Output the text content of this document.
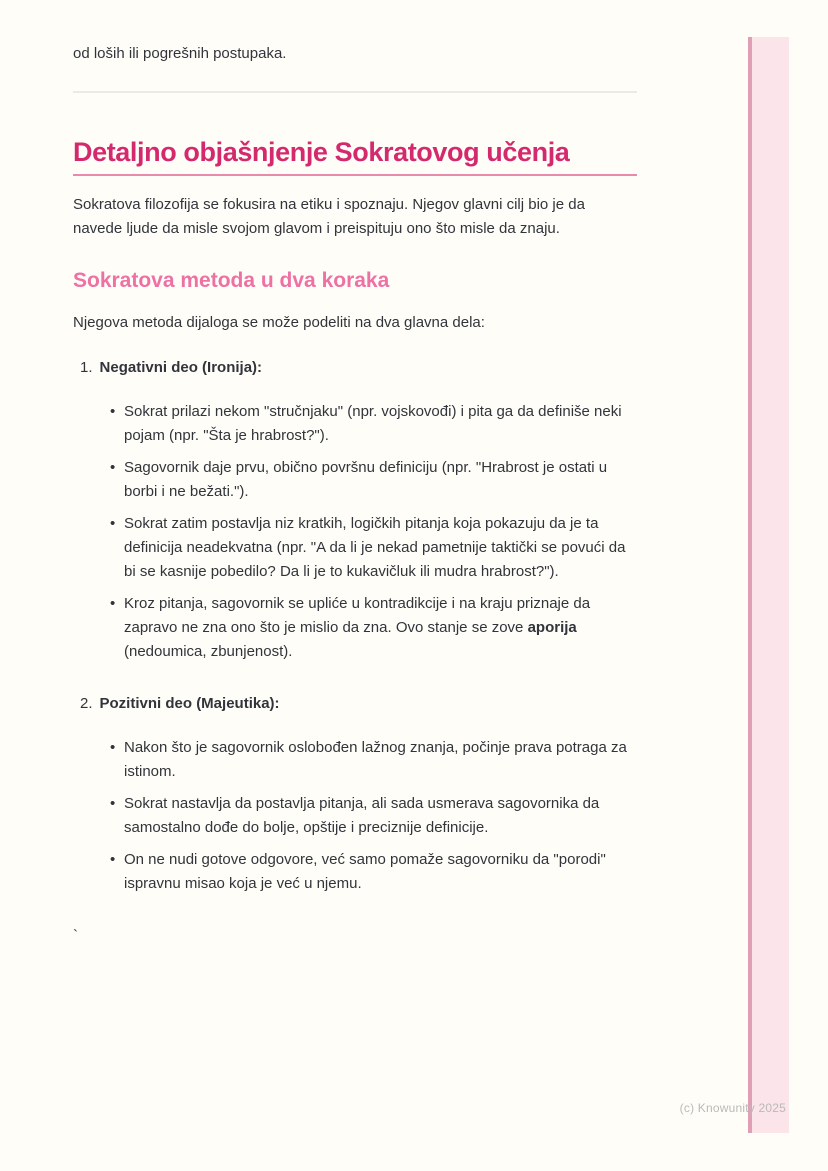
od loših ili pogrešnih postupaka.

Detaljno objašnjenje Sokratovog učenja

Sokratova filozofija se fokusira na etiku i spoznaju. Njegov glavni cilj bio je da navede ljude da misle svojom glavom i preispituju ono što misle da znaju.

Sokratova metoda u dva koraka

Njegova metoda dijaloga se može podeliti na dva glavna dela:

1. Negativni deo (Ironija):
• Sokrat prilazi nekom "stručnjaku" (npr. vojskovođi) i pita ga da definiše neki pojam (npr. "Šta je hrabrost?").
• Sagovornik daje prvu, obično površnu definiciju (npr. "Hrabrost je ostati u borbi i ne bežati.").
• Sokrat zatim postavlja niz kratkih, logičkih pitanja koja pokazuju da je ta definicija neadekvatna (npr. "A da li je nekad pametnije taktički se povući da bi se kasnije pobedilo? Da li je to kukavičluk ili mudra hrabrost?").
• Kroz pitanja, sagovornik se upliće u kontradikcije i na kraju priznaje da zapravo ne zna ono što je mislio da zna. Ovo stanje se zove aporija (nedoumica, zbunjenost).
2. Pozitivni deo (Majeutika):
• Nakon što je sagovornik oslobođen lažnog znanja, počinje prava potraga za istinom.
• Sokrat nastavlja da postavlja pitanja, ali sada usmerava sagovornika da samostalno dođe do bolje, opštije i preciznije definicije.
• On ne nudi gotove odgovore, već samo pomaže sagovorniku da "porodi" ispravnu misao koja je već u njemu.
`
(c) Knowunity 2025
